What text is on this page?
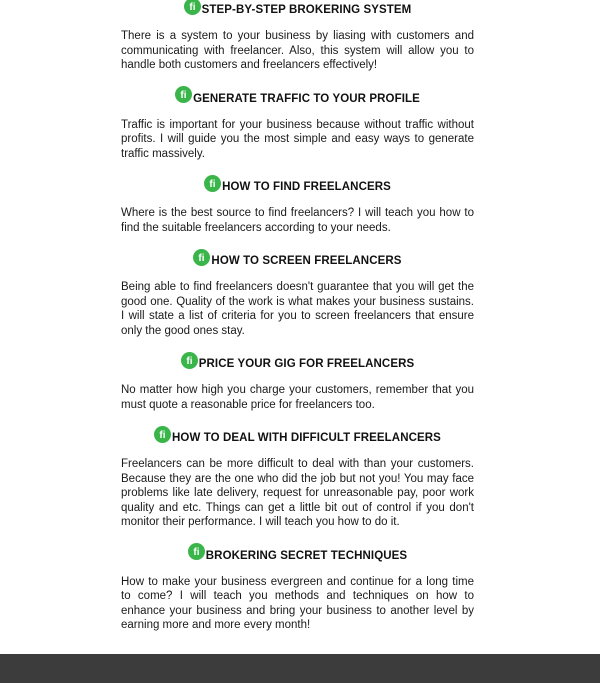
fi STEP-BY-STEP BROKERING SYSTEM

There is a system to your business by liasing with customers and communicating with freelancer. Also, this system will allow you to handle both customers and freelancers effectively!

fi GENERATE TRAFFIC TO YOUR PROFILE

Traffic is important for your business because without traffic without profits. I will guide you the most simple and easy ways to generate traffic massively.

fi HOW TO FIND FREELANCERS

Where is the best source to find freelancers? I will teach you how to find the suitable freelancers according to your needs.

fi HOW TO SCREEN FREELANCERS

Being able to find freelancers doesn't guarantee that you will get the good one. Quality of the work is what makes your business sustains. I will state a list of criteria for you to screen freelancers that ensure only the good ones stay.

fi PRICE YOUR GIG FOR FREELANCERS

No matter how high you charge your customers, remember that you must quote a reasonable price for freelancers too.

fi HOW TO DEAL WITH DIFFICULT FREELANCERS

Freelancers can be more difficult to deal with than your customers. Because they are the one who did the job but not you! You may face problems like late delivery, request for unreasonable pay, poor work quality and etc. Things can get a little bit out of control if you don't monitor their performance. I will teach you how to do it.

fi BROKERING SECRET TECHNIQUES

How to make your business evergreen and continue for a long time to come? I will teach you methods and techniques on how to enhance your business and bring your business to another level by earning more and more every month!
